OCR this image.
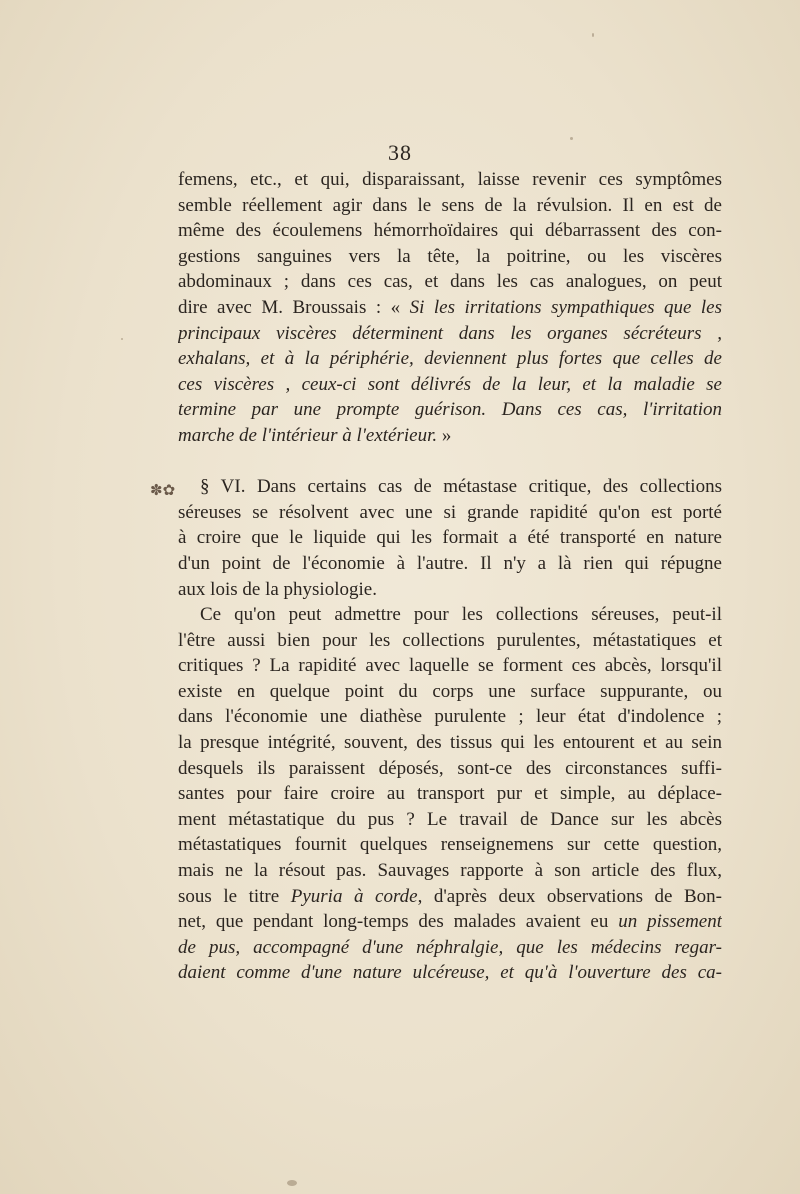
38
✽✿
femens, etc., et qui, disparaissant, laisse revenir ces symptômes
semble réellement agir dans le sens de la révulsion. Il en est de
même des écoulemens hémorrhoïdaires qui débarrassent des con-
gestions sanguines vers la tête, la poitrine, ou les viscères
abdominaux ; dans ces cas, et dans les cas analogues, on peut
dire avec M. Broussais : « Si les irritations sympathiques que les
principaux viscères déterminent dans les organes sécréteurs ,
exhalans, et à la périphérie, deviennent plus fortes que celles de
ces viscères , ceux-ci sont délivrés de la leur, et la maladie se
termine par une prompte guérison. Dans ces cas, l'irritation
marche de l'intérieur à l'extérieur. »
§ VI. Dans certains cas de métastase critique, des collections
séreuses se résolvent avec une si grande rapidité qu'on est porté
à croire que le liquide qui les formait a été transporté en nature
d'un point de l'économie à l'autre. Il n'y a là rien qui répugne
aux lois de la physiologie.
Ce qu'on peut admettre pour les collections séreuses, peut-il
l'être aussi bien pour les collections purulentes, métastatiques et
critiques ? La rapidité avec laquelle se forment ces abcès, lorsqu'il
existe en quelque point du corps une surface suppurante, ou
dans l'économie une diathèse purulente ; leur état d'indolence ;
la presque intégrité, souvent, des tissus qui les entourent et au sein
desquels ils paraissent déposés, sont-ce des circonstances suffi-
santes pour faire croire au transport pur et simple, au déplace-
ment métastatique du pus ? Le travail de Dance sur les abcès
métastatiques fournit quelques renseignemens sur cette question,
mais ne la résout pas. Sauvages rapporte à son article des flux,
sous le titre Pyuria à corde, d'après deux observations de Bon-
net, que pendant long-temps des malades avaient eu un pissement
de pus, accompagné d'une néphralgie, que les médecins regar-
daient comme d'une nature ulcéreuse, et qu'à l'ouverture des ca-
